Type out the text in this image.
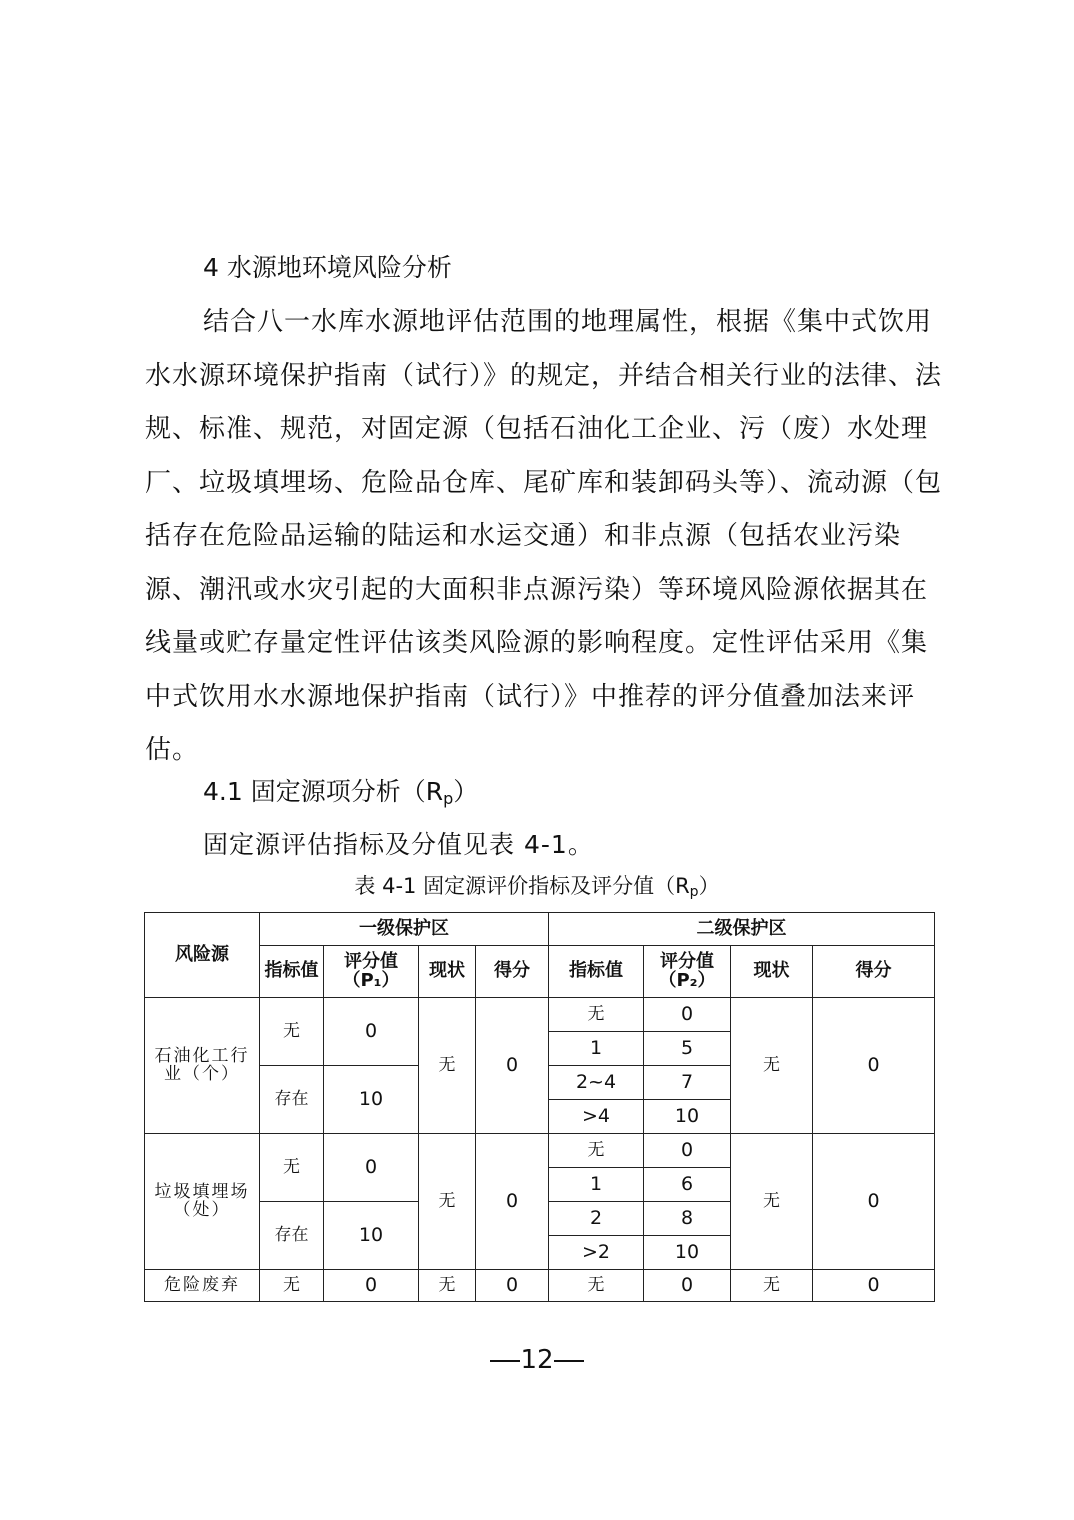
4 水源地环境风险分析

结合八一水库水源地评估范围的地理属性，根据《集中式饮用水水源环境保护指南（试行）》的规定，并结合相关行业的法律、法规、标准、规范，对固定源（包括石油化工企业、污（废）水处理厂、垃圾填埋场、危险品仓库、尾矿库和装卸码头等）、流动源（包括存在危险品运输的陆运和水运交通）和非点源（包括农业污染源、潮汛或水灾引起的大面积非点源污染）等环境风险源依据其在线量或贮存量定性评估该类风险源的影响程度。定性评估采用《集中式饮用水水源地保护指南（试行）》中推荐的评分值叠加法来评估。

4.1 固定源项分析$(R_p)$
固定源评估指标及分值见表 4-1。
表 4-1 固定源评价指标及评分值$(R_p)$
风险源	一级保护区				二级保护区			
	指标值	评分值（P₁）	现状	得分	指标值	评分值（P₂）	现状	得分
石油化工行业（个）	无	0	无	0	无	0	无	0
					1	5		
	存在	10			2~4	7		
					>4	10		
垃圾填埋场（处）	无	0	无	0	无	0	无	0
					1	6		
	存在	10			2	8		
					>2	10		
危险废弃	无	0	无	0	无	0	无	0
12
